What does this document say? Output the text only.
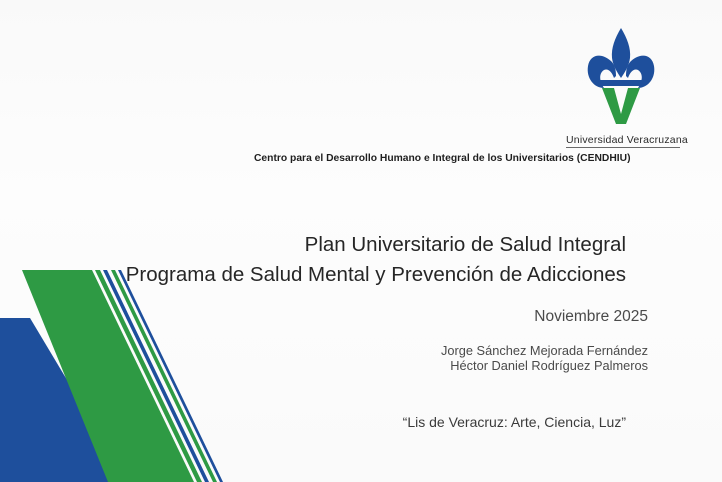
Universidad Veracruzana
Centro para el Desarrollo Humano e Integral de los Universitarios (CENDHIU)
Plan Universitario de Salud Integral
Programa de Salud Mental y Prevención de Adicciones
Noviembre 2025
Jorge Sánchez Mejorada Fernández
Héctor Daniel Rodríguez Palmeros
“Lis de Veracruz: Arte, Ciencia, Luz”
